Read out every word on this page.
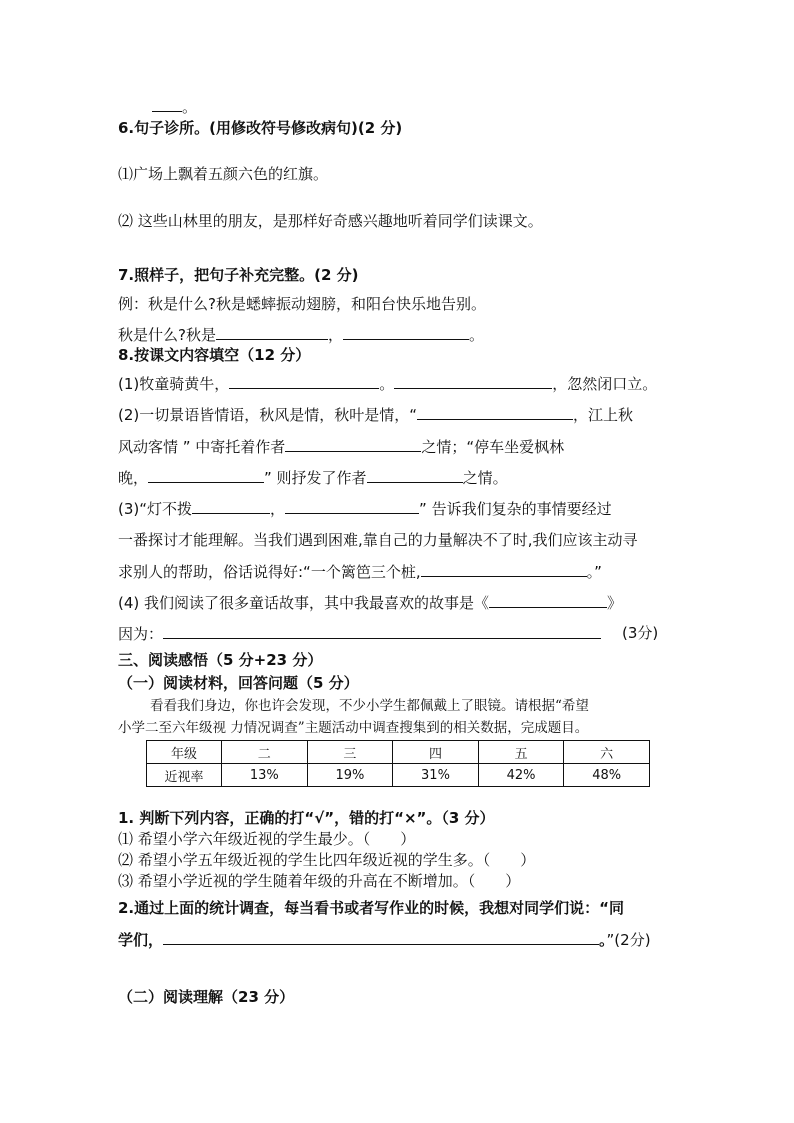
。
6.句子诊所。(用修改符号修改病句)(2 分)
⑴广场上飘着五颜六色的红旗。
⑵ 这些山林里的朋友，是那样好奇感兴趣地听着同学们读课文。
7.照样子，把句子补充完整。(2 分)
例：秋是什么?秋是蟋蟀振动翅膀，和阳台快乐地告别。
秋是什么?秋是	，	。
8.按课文内容填空（12 分）
(1)牧童骑黄牛，	。	，忽然闭口立。
(2)一切景语皆情语，秋风是情，秋叶是情，“	，江上秋
风动客情 ” 中寄托着作者	之情；“停车坐爱枫林
晚，	” 则抒发了作者	之情。
(3)“灯不拨	，	” 告诉我们复杂的事情要经过
一番探讨才能理解。当我们遇到困难,靠自己的力量解决不了时,我们应该主动寻
求别人的帮助，俗话说得好:“一个篱笆三个桩,	。”
(4) 我们阅读了很多童话故事，其中我最喜欢的故事是《	》
因为：	(3分)
三、阅读感悟（5 分+23 分）
（一）阅读材料，回答问题（5 分）
看看我们身边，你也许会发现，不少小学生都佩戴上了眼镜。请根据“希望
小学二至六年级视 力情况调查”主题活动中调查搜集到的相关数据，完成题目。
年级	二	三	四	五	六
近视率	13%	19%	31%	42%	48%
1. 判断下列内容，正确的打“√”，错的打“×”。（3 分）
⑴ 希望小学六年级近视的学生最少。（　　）
⑵ 希望小学五年级近视的学生比四年级近视的学生多。（　　）
⑶ 希望小学近视的学生随着年级的升高在不断增加。（　　）
2.通过上面的统计调查，每当看书或者写作业的时候，我想对同学们说：“同
学们，	。”(2分)
（二）阅读理解（23 分）
